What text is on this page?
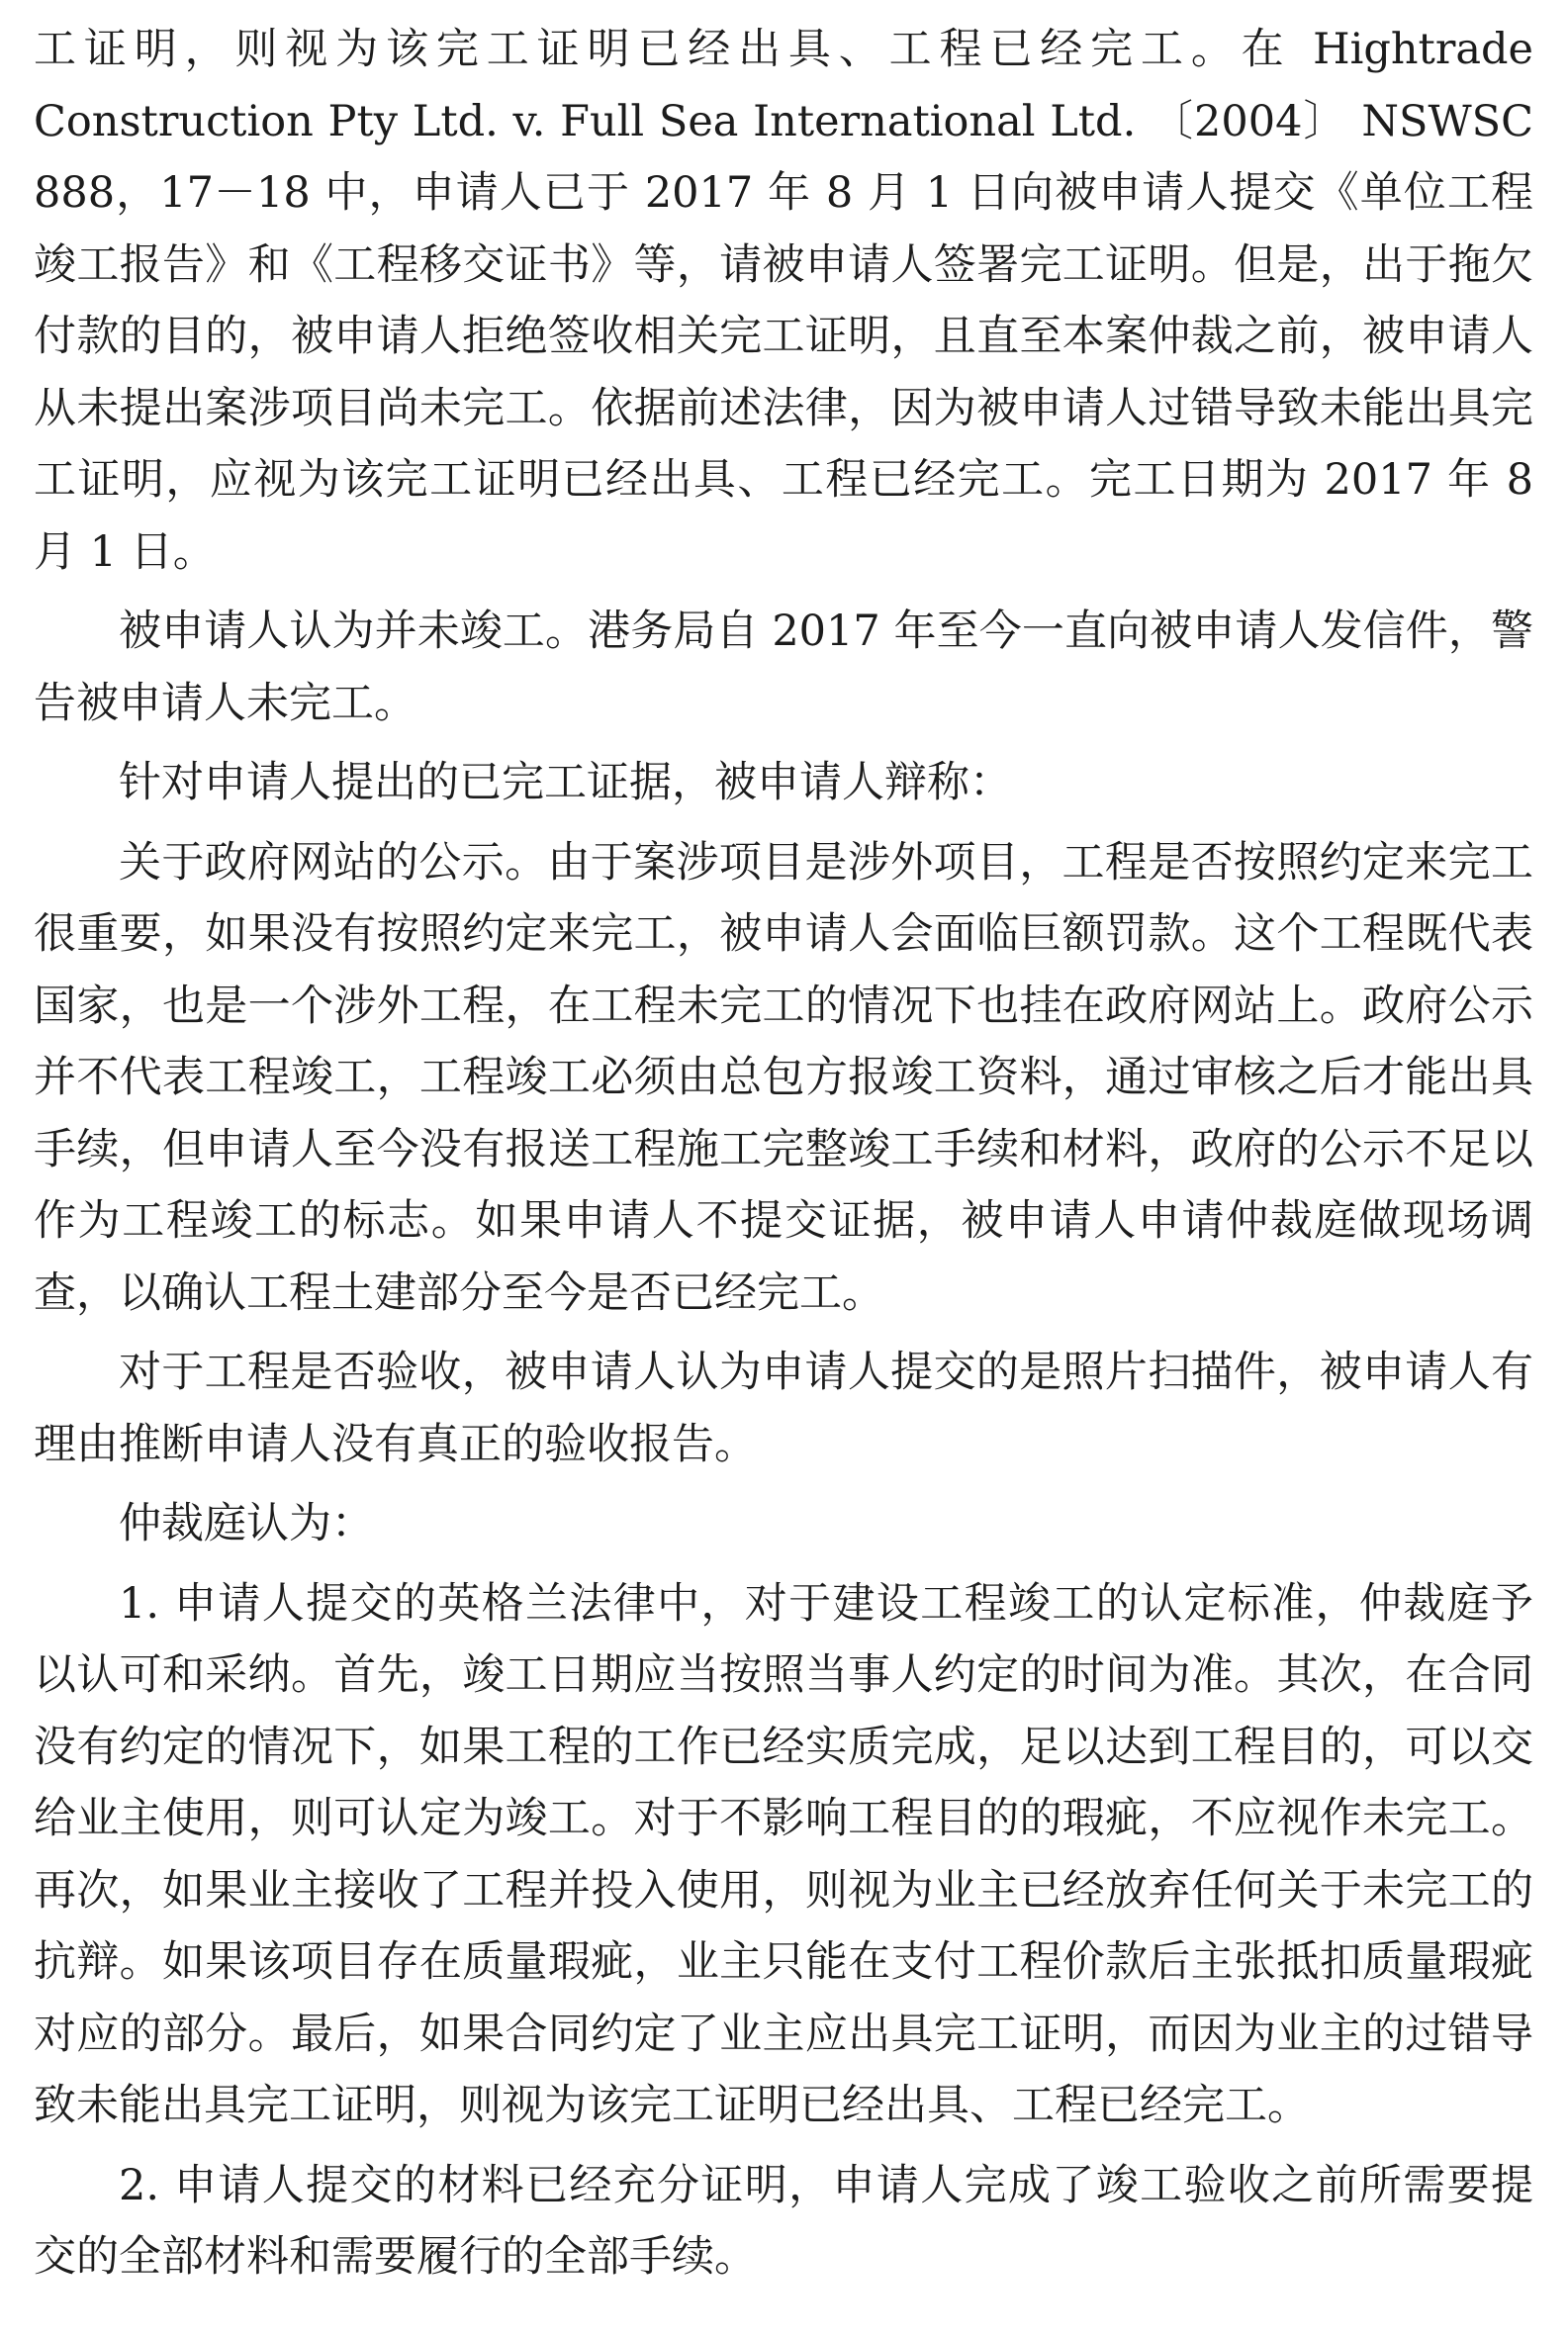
工证明，则视为该完工证明已经出具、工程已经完工。在 Hightrade Construction Pty Ltd. v. Full Sea International Ltd. 〔2004〕 NSWSC 888，17－18 中，申请人已于 2017 年 8 月 1 日向被申请人提交《单位工程竣工报告》和《工程移交证书》等，请被申请人签署完工证明。但是，出于拖欠付款的目的，被申请人拒绝签收相关完工证明，且直至本案仲裁之前，被申请人从未提出案涉项目尚未完工。依据前述法律，因为被申请人过错导致未能出具完工证明，应视为该完工证明已经出具、工程已经完工。完工日期为 2017 年 8 月 1 日。

被申请人认为并未竣工。港务局自 2017 年至今一直向被申请人发信件，警告被申请人未完工。

针对申请人提出的已完工证据，被申请人辩称：

关于政府网站的公示。由于案涉项目是涉外项目，工程是否按照约定来完工很重要，如果没有按照约定来完工，被申请人会面临巨额罚款。这个工程既代表国家，也是一个涉外工程，在工程未完工的情况下也挂在政府网站上。政府公示并不代表工程竣工，工程竣工必须由总包方报竣工资料，通过审核之后才能出具手续，但申请人至今没有报送工程施工完整竣工手续和材料，政府的公示不足以作为工程竣工的标志。如果申请人不提交证据，被申请人申请仲裁庭做现场调查，以确认工程土建部分至今是否已经完工。

对于工程是否验收，被申请人认为申请人提交的是照片扫描件，被申请人有理由推断申请人没有真正的验收报告。

仲裁庭认为：

1. 申请人提交的英格兰法律中，对于建设工程竣工的认定标准，仲裁庭予以认可和采纳。首先，竣工日期应当按照当事人约定的时间为准。其次，在合同没有约定的情况下，如果工程的工作已经实质完成，足以达到工程目的，可以交给业主使用，则可认定为竣工。对于不影响工程目的的瑕疵，不应视作未完工。再次，如果业主接收了工程并投入使用，则视为业主已经放弃任何关于未完工的抗辩。如果该项目存在质量瑕疵，业主只能在支付工程价款后主张抵扣质量瑕疵对应的部分。最后，如果合同约定了业主应出具完工证明，而因为业主的过错导致未能出具完工证明，则视为该完工证明已经出具、工程已经完工。

2. 申请人提交的材料已经充分证明，申请人完成了竣工验收之前所需要提交的全部材料和需要履行的全部手续。
